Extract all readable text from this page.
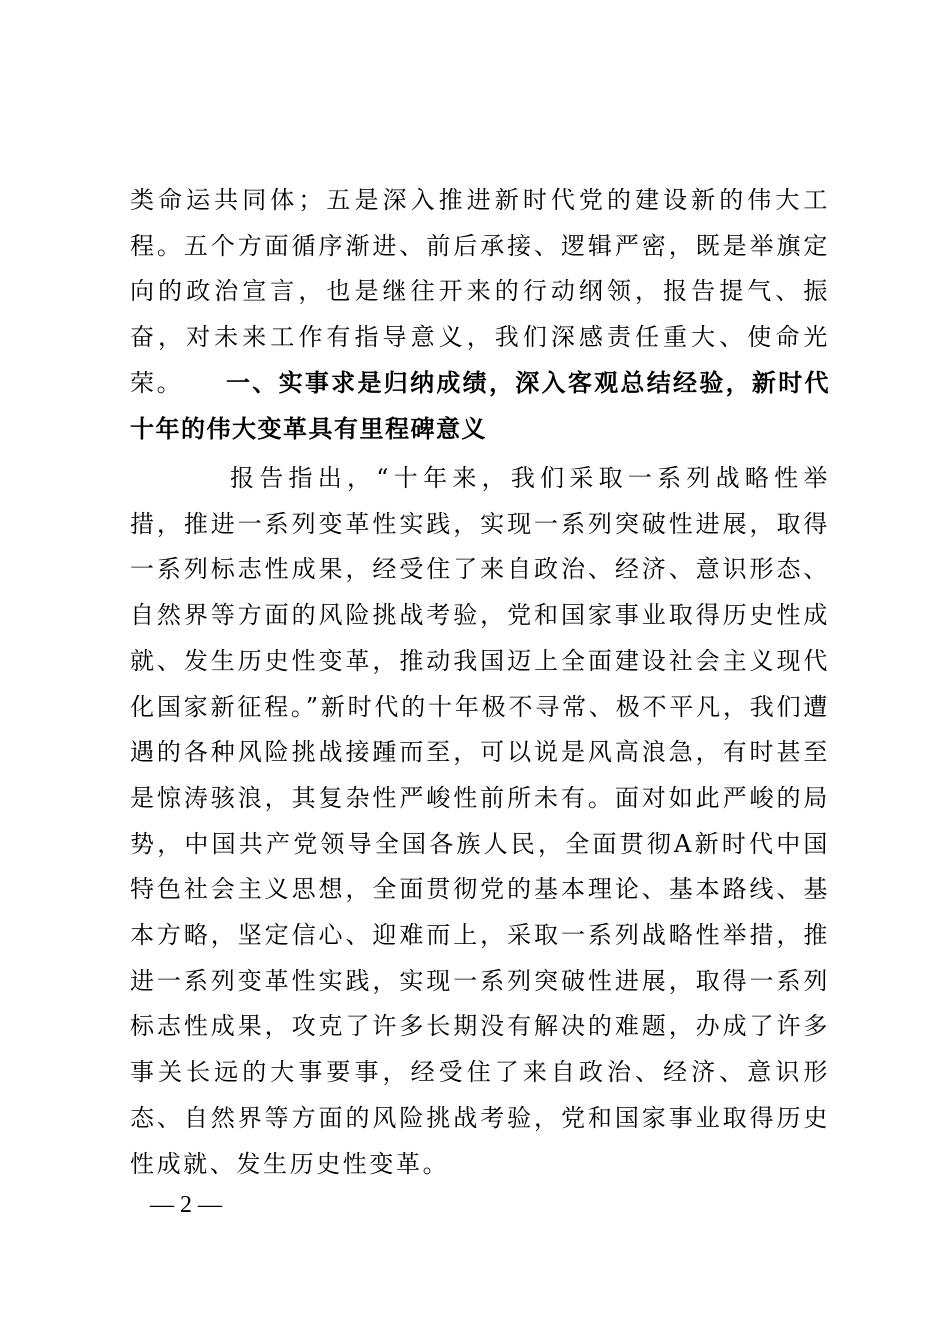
类命运共同体；五是深入推进新时代党的建设新的伟大工程。五个方面循序渐进、前后承接、逻辑严密，既是举旗定向的政治宣言，也是继往开来的行动纲领，报告提气、振奋，对未来工作有指导意义，我们深感责任重大、使命光荣。	一、实事求是归纳成绩，深入客观总结经验，新时代十年的伟大变革具有里程碑意义

报告指出，“十年来，我们采取一系列战略性举措，推进一系列变革性实践，实现一系列突破性进展，取得一系列标志性成果，经受住了来自政治、经济、意识形态、自然界等方面的风险挑战考验，党和国家事业取得历史性成就、发生历史性变革，推动我国迈上全面建设社会主义现代化国家新征程。”新时代的十年极不寻常、极不平凡，我们遭遇的各种风险挑战接踵而至，可以说是风高浪急，有时甚至是惊涛骇浪，其复杂性严峻性前所未有。面对如此严峻的局势，中国共产党领导全国各族人民，全面贯彻A新时代中国特色社会主义思想，全面贯彻党的基本理论、基本路线、基本方略，坚定信心、迎难而上，采取一系列战略性举措，推进一系列变革性实践，实现一系列突破性进展，取得一系列标志性成果，攻克了许多长期没有解决的难题，办成了许多事关长远的大事要事，经受住了来自政治、经济、意识形态、自然界等方面的风险挑战考验，党和国家事业取得历史性成就、发生历史性变革。

— 2 —
